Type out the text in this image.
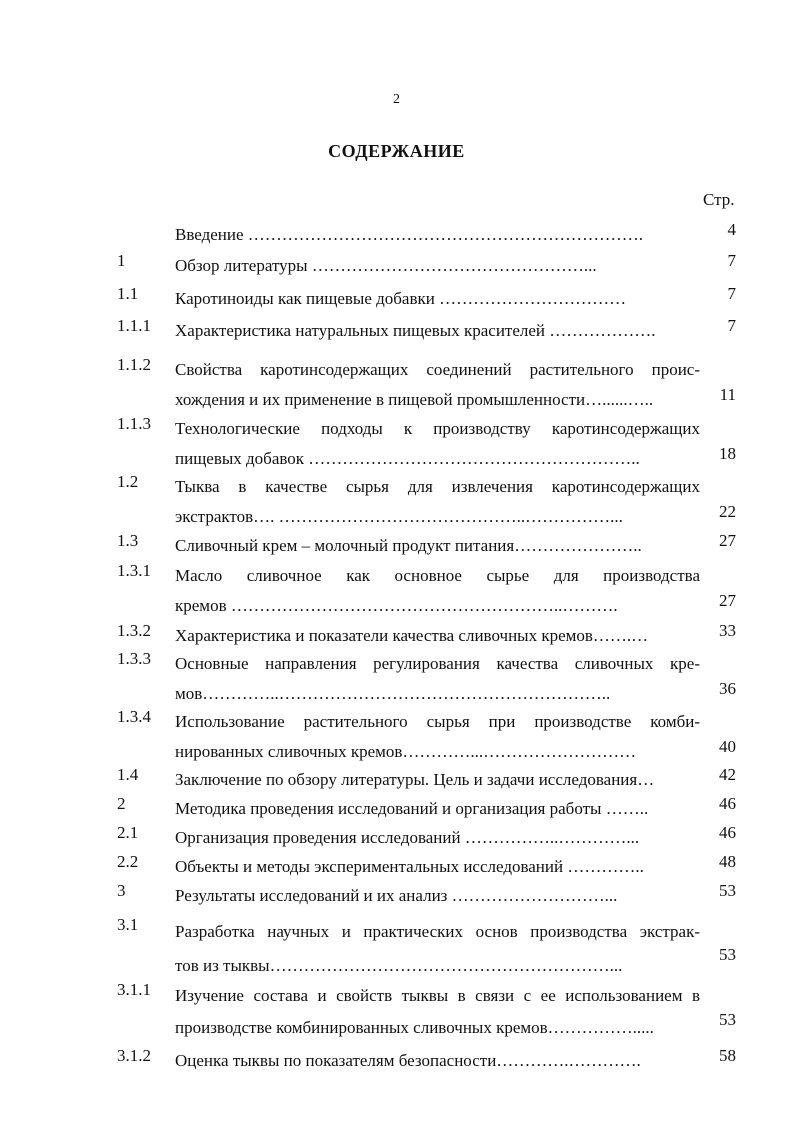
2
СОДЕРЖАНИЕ
Стр.
Введение …………………………………………………………….	4
1	Обзор литературы …………………………………………...	7
1.1 Каротиноиды как пищевые добавки ……………………………	7
1.1.1 Характеристика натуральных пищевых красителей ……………….	7
1.1.2 Свойства каротинсодержащих соединений растительного проис-
хождения и их применение в пищевой промышленности…......…..	11
1.1.3 Технологические подходы к производству каротинсодержащих
пищевых добавок …………………………………………………..	18
1.2 Тыква в качестве сырья для извлечения каротинсодержащих
экстрактов…. ……………………………………..……………...	22
1.3 Сливочный крем – молочный продукт питания…………………..	27
1.3.1 Масло сливочное как основное сырье для производства
кремов …………………………………………………..……….	27
1.3.2 Характеристика и показатели качества сливочных кремов…….…	33
1.3.3 Основные направления регулирования качества сливочных кре-
мов…………..…………………………………………………..	36
1.3.4 Использование растительного сырья при производстве комби-
нированных сливочных кремов…………...………………………	40
1.4 Заключение по обзору литературы. Цель и задачи исследования…	42
2	Методика проведения исследований и организация работы ……..	46
2.1 Организация проведения исследований ……………..…………...	46
2.2 Объекты и методы экспериментальных исследований …………..	48
3	Результаты исследований и их анализ ………………………...	53
3.1 Разработка научных и практических основ производства экстрак-
тов из тыквы……………………………………………………...
53
3.1.1 Изучение состава и свойств тыквы в связи с ее использованием в
производстве комбинированных сливочных кремов…………….....	53
3.1.2 Оценка тыквы по показателям безопасности………….………….	58
